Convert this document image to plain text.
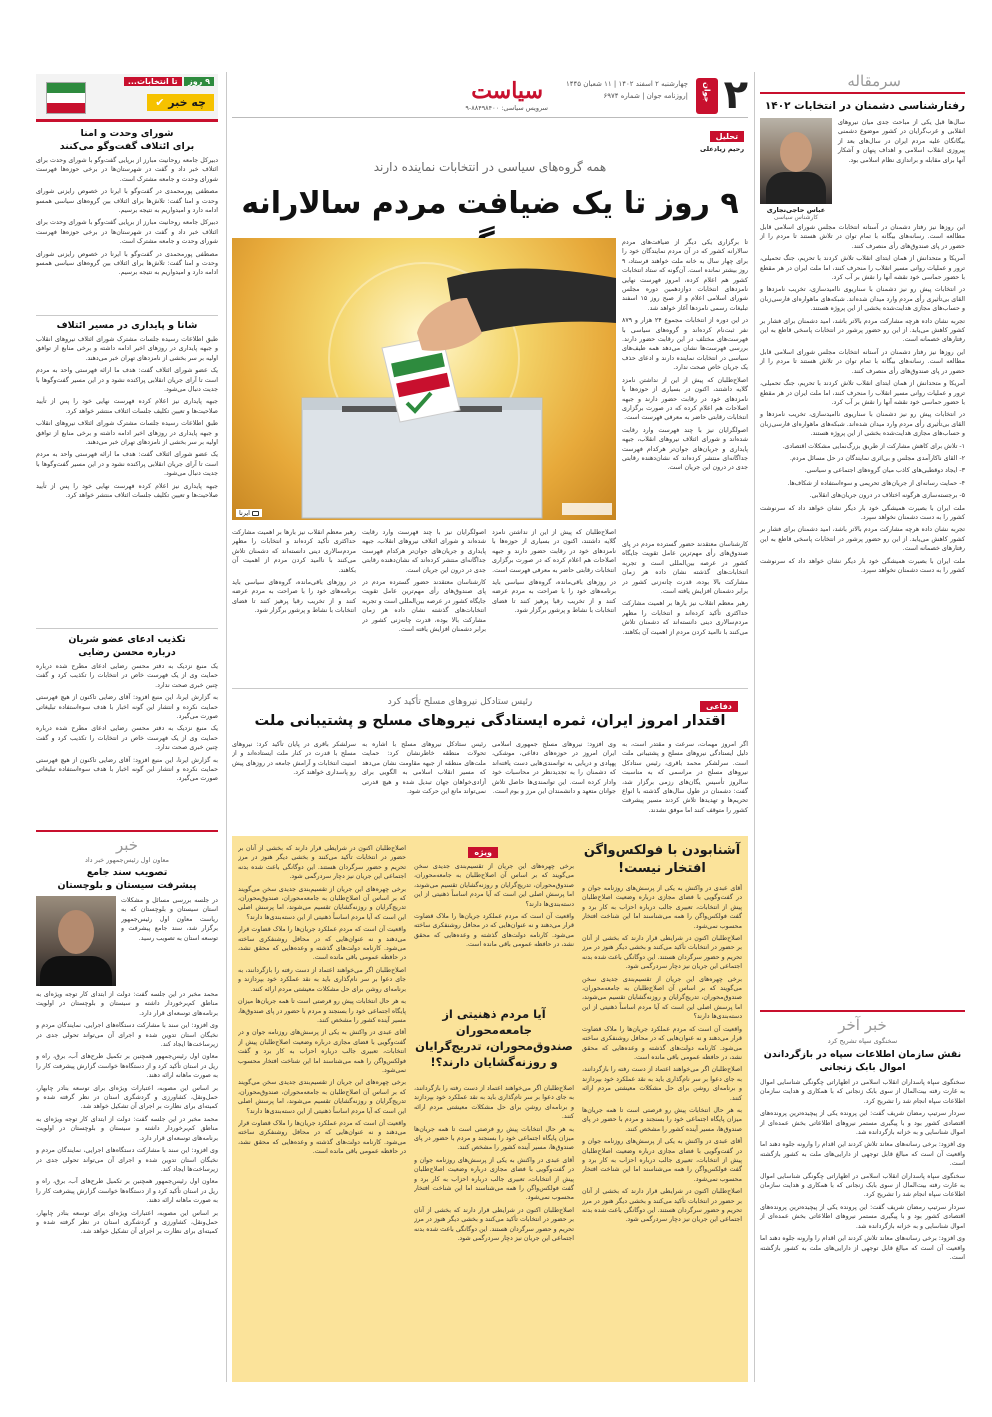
سرمقاله
رفتارشناسی دشمنان در انتخابات ۱۴۰۲

سال‌ها قبل یکی از مباحث جدی میان نیروهای انقلابی و غرب‌گرایان در کشور موضوع دشمنی بیگانگان علیه مردم ایران در سال‌های بعد از پیروزی انقلاب اسلامی و اهداف پنهان و آشکار آنها برای مقابله و براندازی نظام اسلامی بود.

عباس حاجی‌نجاری
کارشناس سیاسی

این روزها نیز رفتار دشمنان در آستانه انتخابات مجلس شورای اسلامی قابل مطالعه است. رسانه‌های بیگانه با تمام توان در تلاش هستند تا مردم را از حضور در پای صندوق‌های رأی منصرف کنند.

آمریکا و متحدانش از همان ابتدای انقلاب تلاش کردند با تحریم، جنگ تحمیلی، ترور و عملیات روانی مسیر انقلاب را منحرف کنند، اما ملت ایران در هر مقطع با حضور حماسی خود نقشه آنها را نقش بر آب کرد.

در انتخابات پیش رو نیز دشمنان با سناریوی ناامیدسازی، تخریب نامزدها و القای بی‌تأثیری رأی مردم وارد میدان شده‌اند. شبکه‌های ماهواره‌ای فارسی‌زبان و حساب‌های مجازی هدایت‌شده بخشی از این پروژه هستند.

تجربه نشان داده هرچه مشارکت مردم بالاتر باشد، امید دشمنان برای فشار بر کشور کاهش می‌یابد. از این رو حضور پرشور در انتخابات پاسخی قاطع به این رفتارهای خصمانه است.

این روزها نیز رفتار دشمنان در آستانه انتخابات مجلس شورای اسلامی قابل مطالعه است. رسانه‌های بیگانه با تمام توان در تلاش هستند تا مردم را از حضور در پای صندوق‌های رأی منصرف کنند.

آمریکا و متحدانش از همان ابتدای انقلاب تلاش کردند با تحریم، جنگ تحمیلی، ترور و عملیات روانی مسیر انقلاب را منحرف کنند، اما ملت ایران در هر مقطع با حضور حماسی خود نقشه آنها را نقش بر آب کرد.

در انتخابات پیش رو نیز دشمنان با سناریوی ناامیدسازی، تخریب نامزدها و القای بی‌تأثیری رأی مردم وارد میدان شده‌اند. شبکه‌های ماهواره‌ای فارسی‌زبان و حساب‌های مجازی هدایت‌شده بخشی از این پروژه هستند.

۱- تلاش برای کاهش مشارکت از طریق بزرگ‌نمایی مشکلات اقتصادی.

۲- القای ناکارآمدی مجلس و بی‌اثری نمایندگان در حل مسائل مردم.

۳- ایجاد دوقطبی‌های کاذب میان گروه‌های اجتماعی و سیاسی.

۴- حمایت رسانه‌ای از جریان‌های تحریمی و سوءاستفاده از شکاف‌ها.

۵- برجسته‌سازی هرگونه اختلاف در درون جریان‌های انقلابی.

ملت ایران با بصیرت همیشگی خود بار دیگر نشان خواهد داد که سرنوشت کشور را به دست دشمنان نخواهد سپرد.

تجربه نشان داده هرچه مشارکت مردم بالاتر باشد، امید دشمنان برای فشار بر کشور کاهش می‌یابد. از این رو حضور پرشور در انتخابات پاسخی قاطع به این رفتارهای خصمانه است.

ملت ایران با بصیرت همیشگی خود بار دیگر نشان خواهد داد که سرنوشت کشور را به دست دشمنان نخواهد سپرد.

خبر آخر
سخنگوی سپاه تشریح کرد
نقش سازمان اطلاعات سپاه در بازگرداندن اموال بابک زنجانی

سخنگوی سپاه پاسداران انقلاب اسلامی در اظهاراتی چگونگی شناسایی اموال به غارت رفته بیت‌المال از سوی بابک زنجانی که با همکاری و هدایت سازمان اطلاعات سپاه انجام شد را تشریح کرد.

سردار سرتیپ رمضان شریف گفت: این پرونده یکی از پیچیده‌ترین پرونده‌های اقتصادی کشور بود و با پیگیری مستمر نیروهای اطلاعاتی بخش عمده‌ای از اموال شناسایی و به خزانه بازگردانده شد.

وی افزود: برخی رسانه‌های معاند تلاش کردند این اقدام را وارونه جلوه دهند اما واقعیت آن است که مبالغ قابل توجهی از دارایی‌های ملت به کشور بازگشته است.

سخنگوی سپاه پاسداران انقلاب اسلامی در اظهاراتی چگونگی شناسایی اموال به غارت رفته بیت‌المال از سوی بابک زنجانی که با همکاری و هدایت سازمان اطلاعات سپاه انجام شد را تشریح کرد.

سردار سرتیپ رمضان شریف گفت: این پرونده یکی از پیچیده‌ترین پرونده‌های اقتصادی کشور بود و با پیگیری مستمر نیروهای اطلاعاتی بخش عمده‌ای از اموال شناسایی و به خزانه بازگردانده شد.

وی افزود: برخی رسانه‌های معاند تلاش کردند این اقدام را وارونه جلوه دهند اما واقعیت آن است که مبالغ قابل توجهی از دارایی‌های ملت به کشور بازگشته است.

۲
جوان
چهارشنبه ۲ اسفند ۱۴۰۲ | ۱۱ شعبان ۱۴۴۵
|روزنامه جوان | شماره ۶۹۷۴
سیاست
سرویس سیاسی: ۸۸۴۹۸۴۰۰-۹
تحلیل
رحیم زیادعلی
همه گروه‌های سیاسی در انتخابات نماینده دارند
۹ روز تا یک ضیافت مردم سالارانه
ایرنا

تا برگزاری یکی دیگر از ضیافت‌های مردم سالارانه کشور که در آن مردم نمایندگان خود را برای چهار سال به خانه ملت خواهند فرستاد، ۹ روز بیشتر نمانده است. آن‌گونه که ستاد انتخابات کشور هم اعلام کرده، امروز فهرست نهایی نامزدهای انتخابات دوازدهمین دوره مجلس شورای اسلامی اعلام و از صبح روز ۱۵ اسفند تبلیغات رسمی نامزدها آغاز خواهد شد.

در این دوره از انتخابات مجموع ۲۴ هزار و ۸۷۹ نفر ثبت‌نام کرده‌اند و گروه‌های سیاسی با فهرست‌های مختلف در این رقابت حضور دارند. بررسی فهرست‌ها نشان می‌دهد همه طیف‌های سیاسی در انتخابات نماینده دارند و ادعای حذف یک جریان خاص صحت ندارد.

اصلاح‌طلبان که پیش از این از نداشتن نامزد گلایه داشتند، اکنون در بسیاری از حوزه‌ها با نامزدهای خود در رقابت حضور دارند و جبهه اصلاحات هم اعلام کرده که در صورت برگزاری انتخابات رقابتی حاضر به معرفی فهرست است.

اصولگرایان نیز با چند فهرست وارد رقابت شده‌اند و شورای ائتلاف نیروهای انقلاب، جبهه پایداری و جریان‌های جوان‌تر هرکدام فهرست جداگانه‌ای منتشر کرده‌اند که نشان‌دهنده رقابتی جدی در درون این جریان است.

کارشناسان معتقدند حضور گسترده مردم در پای صندوق‌های رأی مهم‌ترین عامل تقویت جایگاه کشور در عرصه بین‌المللی است و تجربه انتخابات‌های گذشته نشان داده هر زمان مشارکت بالا بوده، قدرت چانه‌زنی کشور در برابر دشمنان افزایش یافته است.

رهبر معظم انقلاب نیز بارها بر اهمیت مشارکت حداکثری تأکید کرده‌اند و انتخابات را مظهر مردم‌سالاری دینی دانسته‌اند که دشمنان تلاش می‌کنند با ناامید کردن مردم از اهمیت آن بکاهند.

اصلاح‌طلبان که پیش از این از نداشتن نامزد گلایه داشتند، اکنون در بسیاری از حوزه‌ها با نامزدهای خود در رقابت حضور دارند و جبهه اصلاحات هم اعلام کرده که در صورت برگزاری انتخابات رقابتی حاضر به معرفی فهرست است.

در روزهای باقی‌مانده، گروه‌های سیاسی باید برنامه‌های خود را با صراحت به مردم عرضه کنند و از تخریب رقبا پرهیز کنند تا فضای انتخابات با نشاط و پرشور برگزار شود.

اصولگرایان نیز با چند فهرست وارد رقابت شده‌اند و شورای ائتلاف نیروهای انقلاب، جبهه پایداری و جریان‌های جوان‌تر هرکدام فهرست جداگانه‌ای منتشر کرده‌اند که نشان‌دهنده رقابتی جدی در درون این جریان است.

کارشناسان معتقدند حضور گسترده مردم در پای صندوق‌های رأی مهم‌ترین عامل تقویت جایگاه کشور در عرصه بین‌المللی است و تجربه انتخابات‌های گذشته نشان داده هر زمان مشارکت بالا بوده، قدرت چانه‌زنی کشور در برابر دشمنان افزایش یافته است.

رهبر معظم انقلاب نیز بارها بر اهمیت مشارکت حداکثری تأکید کرده‌اند و انتخابات را مظهر مردم‌سالاری دینی دانسته‌اند که دشمنان تلاش می‌کنند با ناامید کردن مردم از اهمیت آن بکاهند.

در روزهای باقی‌مانده، گروه‌های سیاسی باید برنامه‌های خود را با صراحت به مردم عرضه کنند و از تخریب رقبا پرهیز کنند تا فضای انتخابات با نشاط و پرشور برگزار شود.

دفاعی
رئیس ستادکل نیروهای مسلح تأکید کرد
اقتدار امروز ایران، ثمره ایستادگی نیروهای مسلح و پشتیبانی ملت

اگر امروز مهمات، سرعت و مقتدر است، به دلیل ایستادگی نیروهای مسلح و پشتیبانی ملت است. سرلشکر محمد باقری، رئیس ستادکل نیروهای مسلح در مراسمی که به مناسبت سالروز تأسیس یگان‌های رزمی برگزار شد، گفت: دشمنان در طول سال‌های گذشته با انواع تحریم‌ها و تهدیدها تلاش کردند مسیر پیشرفت کشور را متوقف کنند اما موفق نشدند.

وی افزود: نیروهای مسلح جمهوری اسلامی ایران امروز در حوزه‌های دفاعی، موشکی، پهپادی و دریایی به توانمندی‌هایی دست یافته‌اند که دشمنان را به تجدیدنظر در محاسبات خود وادار کرده است. این توانمندی‌ها حاصل تلاش جوانان متعهد و دانشمندان این مرز و بوم است.

رئیس ستادکل نیروهای مسلح با اشاره به تحولات منطقه خاطرنشان کرد: حمایت ملت‌های منطقه از جبهه مقاومت نشان می‌دهد که مسیر انقلاب اسلامی به الگویی برای آزادی‌خواهان جهان تبدیل شده و هیچ قدرتی نمی‌تواند مانع این حرکت شود.

سرلشکر باقری در پایان تأکید کرد: نیروهای مسلح با قدرت در کنار ملت ایستاده‌اند و از امنیت انتخابات و آرامش جامعه در روزهای پیش رو پاسداری خواهند کرد.

ویژه	آشنابودن با فولکس‌واگن افتخار نیست!

آقای عبدی در واکنش به یکی از پرسش‌های روزنامه جوان و در گفت‌وگویی با فضای مجازی درباره وضعیت اصلاح‌طلبان پیش از انتخابات، تعبیری جالب درباره احزاب به کار برد و گفت فولکس‌واگن را همه می‌شناسند اما این شناخت افتخار محسوب نمی‌شود.

اصلاح‌طلبان اکنون در شرایطی قرار دارند که بخشی از آنان بر حضور در انتخابات تأکید می‌کنند و بخشی دیگر هنوز در مرز تحریم و حضور سرگردان هستند. این دوگانگی باعث شده بدنه اجتماعی این جریان نیز دچار سردرگمی شود.

برخی چهره‌های این جریان از تقسیم‌بندی جدیدی سخن می‌گویند که بر اساس آن اصلاح‌طلبان به جامعه‌محوران، صندوق‌محوران، تدریج‌گرایان و روزنه‌گشایان تقسیم می‌شوند، اما پرسش اصلی این است که آیا مردم اساساً ذهنیتی از این دسته‌بندی‌ها دارند؟

واقعیت آن است که مردم عملکرد جریان‌ها را ملاک قضاوت قرار می‌دهند و نه عنوان‌هایی که در محافل روشنفکری ساخته می‌شود. کارنامه دولت‌های گذشته و وعده‌هایی که محقق نشد، در حافظه عمومی باقی مانده است.

اصلاح‌طلبان اگر می‌خواهند اعتماد از دست رفته را بازگردانند، به جای دعوا بر سر نام‌گذاری باید به نقد عملکرد خود بپردازند و برنامه‌ای روشن برای حل مشکلات معیشتی مردم ارائه کنند.

به هر حال انتخابات پیش رو فرصتی است تا همه جریان‌ها میزان پایگاه اجتماعی خود را بسنجند و مردم با حضور در پای صندوق‌ها، مسیر آینده کشور را مشخص کنند.

آقای عبدی در واکنش به یکی از پرسش‌های روزنامه جوان و در گفت‌وگویی با فضای مجازی درباره وضعیت اصلاح‌طلبان پیش از انتخابات، تعبیری جالب درباره احزاب به کار برد و گفت فولکس‌واگن را همه می‌شناسند اما این شناخت افتخار محسوب نمی‌شود.

اصلاح‌طلبان اکنون در شرایطی قرار دارند که بخشی از آنان بر حضور در انتخابات تأکید می‌کنند و بخشی دیگر هنوز در مرز تحریم و حضور سرگردان هستند. این دوگانگی باعث شده بدنه اجتماعی این جریان نیز دچار سردرگمی شود.

برخی چهره‌های این جریان از تقسیم‌بندی جدیدی سخن می‌گویند که بر اساس آن اصلاح‌طلبان به جامعه‌محوران، صندوق‌محوران، تدریج‌گرایان و روزنه‌گشایان تقسیم می‌شوند، اما پرسش اصلی این است که آیا مردم اساساً ذهنیتی از این دسته‌بندی‌ها دارند؟

واقعیت آن است که مردم عملکرد جریان‌ها را ملاک قضاوت قرار می‌دهند و نه عنوان‌هایی که در محافل روشنفکری ساخته می‌شود. کارنامه دولت‌های گذشته و وعده‌هایی که محقق نشد، در حافظه عمومی باقی مانده است.

آیا مردم ذهنیتی از جامعه‌محوران صندوق‌محوران، تدریج‌گرایان و روزنه‌گشایان دارند؟!

اصلاح‌طلبان اگر می‌خواهند اعتماد از دست رفته را بازگردانند، به جای دعوا بر سر نام‌گذاری باید به نقد عملکرد خود بپردازند و برنامه‌ای روشن برای حل مشکلات معیشتی مردم ارائه کنند.

به هر حال انتخابات پیش رو فرصتی است تا همه جریان‌ها میزان پایگاه اجتماعی خود را بسنجند و مردم با حضور در پای صندوق‌ها، مسیر آینده کشور را مشخص کنند.

آقای عبدی در واکنش به یکی از پرسش‌های روزنامه جوان و در گفت‌وگویی با فضای مجازی درباره وضعیت اصلاح‌طلبان پیش از انتخابات، تعبیری جالب درباره احزاب به کار برد و گفت فولکس‌واگن را همه می‌شناسند اما این شناخت افتخار محسوب نمی‌شود.

اصلاح‌طلبان اکنون در شرایطی قرار دارند که بخشی از آنان بر حضور در انتخابات تأکید می‌کنند و بخشی دیگر هنوز در مرز تحریم و حضور سرگردان هستند. این دوگانگی باعث شده بدنه اجتماعی این جریان نیز دچار سردرگمی شود.

اصلاح‌طلبان اکنون در شرایطی قرار دارند که بخشی از آنان بر حضور در انتخابات تأکید می‌کنند و بخشی دیگر هنوز در مرز تحریم و حضور سرگردان هستند. این دوگانگی باعث شده بدنه اجتماعی این جریان نیز دچار سردرگمی شود.

برخی چهره‌های این جریان از تقسیم‌بندی جدیدی سخن می‌گویند که بر اساس آن اصلاح‌طلبان به جامعه‌محوران، صندوق‌محوران، تدریج‌گرایان و روزنه‌گشایان تقسیم می‌شوند، اما پرسش اصلی این است که آیا مردم اساساً ذهنیتی از این دسته‌بندی‌ها دارند؟

واقعیت آن است که مردم عملکرد جریان‌ها را ملاک قضاوت قرار می‌دهند و نه عنوان‌هایی که در محافل روشنفکری ساخته می‌شود. کارنامه دولت‌های گذشته و وعده‌هایی که محقق نشد، در حافظه عمومی باقی مانده است.

اصلاح‌طلبان اگر می‌خواهند اعتماد از دست رفته را بازگردانند، به جای دعوا بر سر نام‌گذاری باید به نقد عملکرد خود بپردازند و برنامه‌ای روشن برای حل مشکلات معیشتی مردم ارائه کنند.

به هر حال انتخابات پیش رو فرصتی است تا همه جریان‌ها میزان پایگاه اجتماعی خود را بسنجند و مردم با حضور در پای صندوق‌ها، مسیر آینده کشور را مشخص کنند.

آقای عبدی در واکنش به یکی از پرسش‌های روزنامه جوان و در گفت‌وگویی با فضای مجازی درباره وضعیت اصلاح‌طلبان پیش از انتخابات، تعبیری جالب درباره احزاب به کار برد و گفت فولکس‌واگن را همه می‌شناسند اما این شناخت افتخار محسوب نمی‌شود.

برخی چهره‌های این جریان از تقسیم‌بندی جدیدی سخن می‌گویند که بر اساس آن اصلاح‌طلبان به جامعه‌محوران، صندوق‌محوران، تدریج‌گرایان و روزنه‌گشایان تقسیم می‌شوند، اما پرسش اصلی این است که آیا مردم اساساً ذهنیتی از این دسته‌بندی‌ها دارند؟

واقعیت آن است که مردم عملکرد جریان‌ها را ملاک قضاوت قرار می‌دهند و نه عنوان‌هایی که در محافل روشنفکری ساخته می‌شود. کارنامه دولت‌های گذشته و وعده‌هایی که محقق نشد، در حافظه عمومی باقی مانده است.

۹ روز تا انتخابات...
چه خبر ✔
شورای وحدت و امنا
برای ائتلاف گفت‌وگو می‌کنند

دبیرکل جامعه روحانیت مبارز از برپایی گفت‌وگو با شورای وحدت برای ائتلاف خبر داد و گفت در شهرستان‌ها در برخی حوزه‌ها فهرست شورای وحدت و جامعه مشترک است.

مصطفی پورمحمدی در گفت‌وگو با ایرنا در خصوص رایزنی شورای وحدت و امنا گفت: تلاش‌ها برای ائتلاف بین گروه‌های سیاسی همسو ادامه دارد و امیدواریم به نتیجه برسیم.

دبیرکل جامعه روحانیت مبارز از برپایی گفت‌وگو با شورای وحدت برای ائتلاف خبر داد و گفت در شهرستان‌ها در برخی حوزه‌ها فهرست شورای وحدت و جامعه مشترک است.

مصطفی پورمحمدی در گفت‌وگو با ایرنا در خصوص رایزنی شورای وحدت و امنا گفت: تلاش‌ها برای ائتلاف بین گروه‌های سیاسی همسو ادامه دارد و امیدواریم به نتیجه برسیم.

شانا و پایداری در مسیر ائتلاف

طبق اطلاعات رسیده جلسات مشترک شورای ائتلاف نیروهای انقلاب و جبهه پایداری در روزهای اخیر ادامه داشته و برخی منابع از توافق اولیه بر سر بخشی از نامزدهای تهران خبر می‌دهند.

یک عضو شورای ائتلاف گفت: هدف ما ارائه فهرستی واحد به مردم است تا آرای جریان انقلابی پراکنده نشود و در این مسیر گفت‌وگوها با جدیت دنبال می‌شود.

جبهه پایداری نیز اعلام کرده فهرست نهایی خود را پس از تأیید صلاحیت‌ها و تعیین تکلیف جلسات ائتلاف منتشر خواهد کرد.

طبق اطلاعات رسیده جلسات مشترک شورای ائتلاف نیروهای انقلاب و جبهه پایداری در روزهای اخیر ادامه داشته و برخی منابع از توافق اولیه بر سر بخشی از نامزدهای تهران خبر می‌دهند.

یک عضو شورای ائتلاف گفت: هدف ما ارائه فهرستی واحد به مردم است تا آرای جریان انقلابی پراکنده نشود و در این مسیر گفت‌وگوها با جدیت دنبال می‌شود.

جبهه پایداری نیز اعلام کرده فهرست نهایی خود را پس از تأیید صلاحیت‌ها و تعیین تکلیف جلسات ائتلاف منتشر خواهد کرد.

تکذیب ادعای عضو شریان
درباره محسن رضایی

یک منبع نزدیک به دفتر محسن رضایی ادعای مطرح شده درباره حمایت وی از یک فهرست خاص در انتخابات را تکذیب کرد و گفت چنین خبری صحت ندارد.

به گزارش ایرنا، این منبع افزود: آقای رضایی تاکنون از هیچ فهرستی حمایت نکرده و انتشار این گونه اخبار با هدف سوءاستفاده تبلیغاتی صورت می‌گیرد.

یک منبع نزدیک به دفتر محسن رضایی ادعای مطرح شده درباره حمایت وی از یک فهرست خاص در انتخابات را تکذیب کرد و گفت چنین خبری صحت ندارد.

به گزارش ایرنا، این منبع افزود: آقای رضایی تاکنون از هیچ فهرستی حمایت نکرده و انتشار این گونه اخبار با هدف سوءاستفاده تبلیغاتی صورت می‌گیرد.

خبر
معاون اول رئیس‌جمهور خبر داد
تصویب سند جامع
پیشرفت سیستان و بلوچستان

در جلسه بررسی مسائل و مشکلات استان سیستان و بلوچستان که به ریاست معاون اول رئیس‌جمهور برگزار شد، سند جامع پیشرفت و توسعه استان به تصویب رسید.

محمد مخبر در این جلسه گفت: دولت از ابتدای کار توجه ویژه‌ای به مناطق کم‌برخوردار داشته و سیستان و بلوچستان در اولویت برنامه‌های توسعه‌ای قرار دارد.

وی افزود: این سند با مشارکت دستگاه‌های اجرایی، نمایندگان مردم و نخبگان استان تدوین شده و اجرای آن می‌تواند تحولی جدی در زیرساخت‌ها ایجاد کند.

معاون اول رئیس‌جمهور همچنین بر تکمیل طرح‌های آب، برق، راه و ریل در استان تأکید کرد و از دستگاه‌ها خواست گزارش پیشرفت کار را به صورت ماهانه ارائه دهند.

بر اساس این مصوبه، اعتبارات ویژه‌ای برای توسعه بنادر چابهار، حمل‌ونقل، کشاورزی و گردشگری استان در نظر گرفته شده و کمیته‌ای برای نظارت بر اجرای آن تشکیل خواهد شد.

محمد مخبر در این جلسه گفت: دولت از ابتدای کار توجه ویژه‌ای به مناطق کم‌برخوردار داشته و سیستان و بلوچستان در اولویت برنامه‌های توسعه‌ای قرار دارد.

وی افزود: این سند با مشارکت دستگاه‌های اجرایی، نمایندگان مردم و نخبگان استان تدوین شده و اجرای آن می‌تواند تحولی جدی در زیرساخت‌ها ایجاد کند.

معاون اول رئیس‌جمهور همچنین بر تکمیل طرح‌های آب، برق، راه و ریل در استان تأکید کرد و از دستگاه‌ها خواست گزارش پیشرفت کار را به صورت ماهانه ارائه دهند.

بر اساس این مصوبه، اعتبارات ویژه‌ای برای توسعه بنادر چابهار، حمل‌ونقل، کشاورزی و گردشگری استان در نظر گرفته شده و کمیته‌ای برای نظارت بر اجرای آن تشکیل خواهد شد.
